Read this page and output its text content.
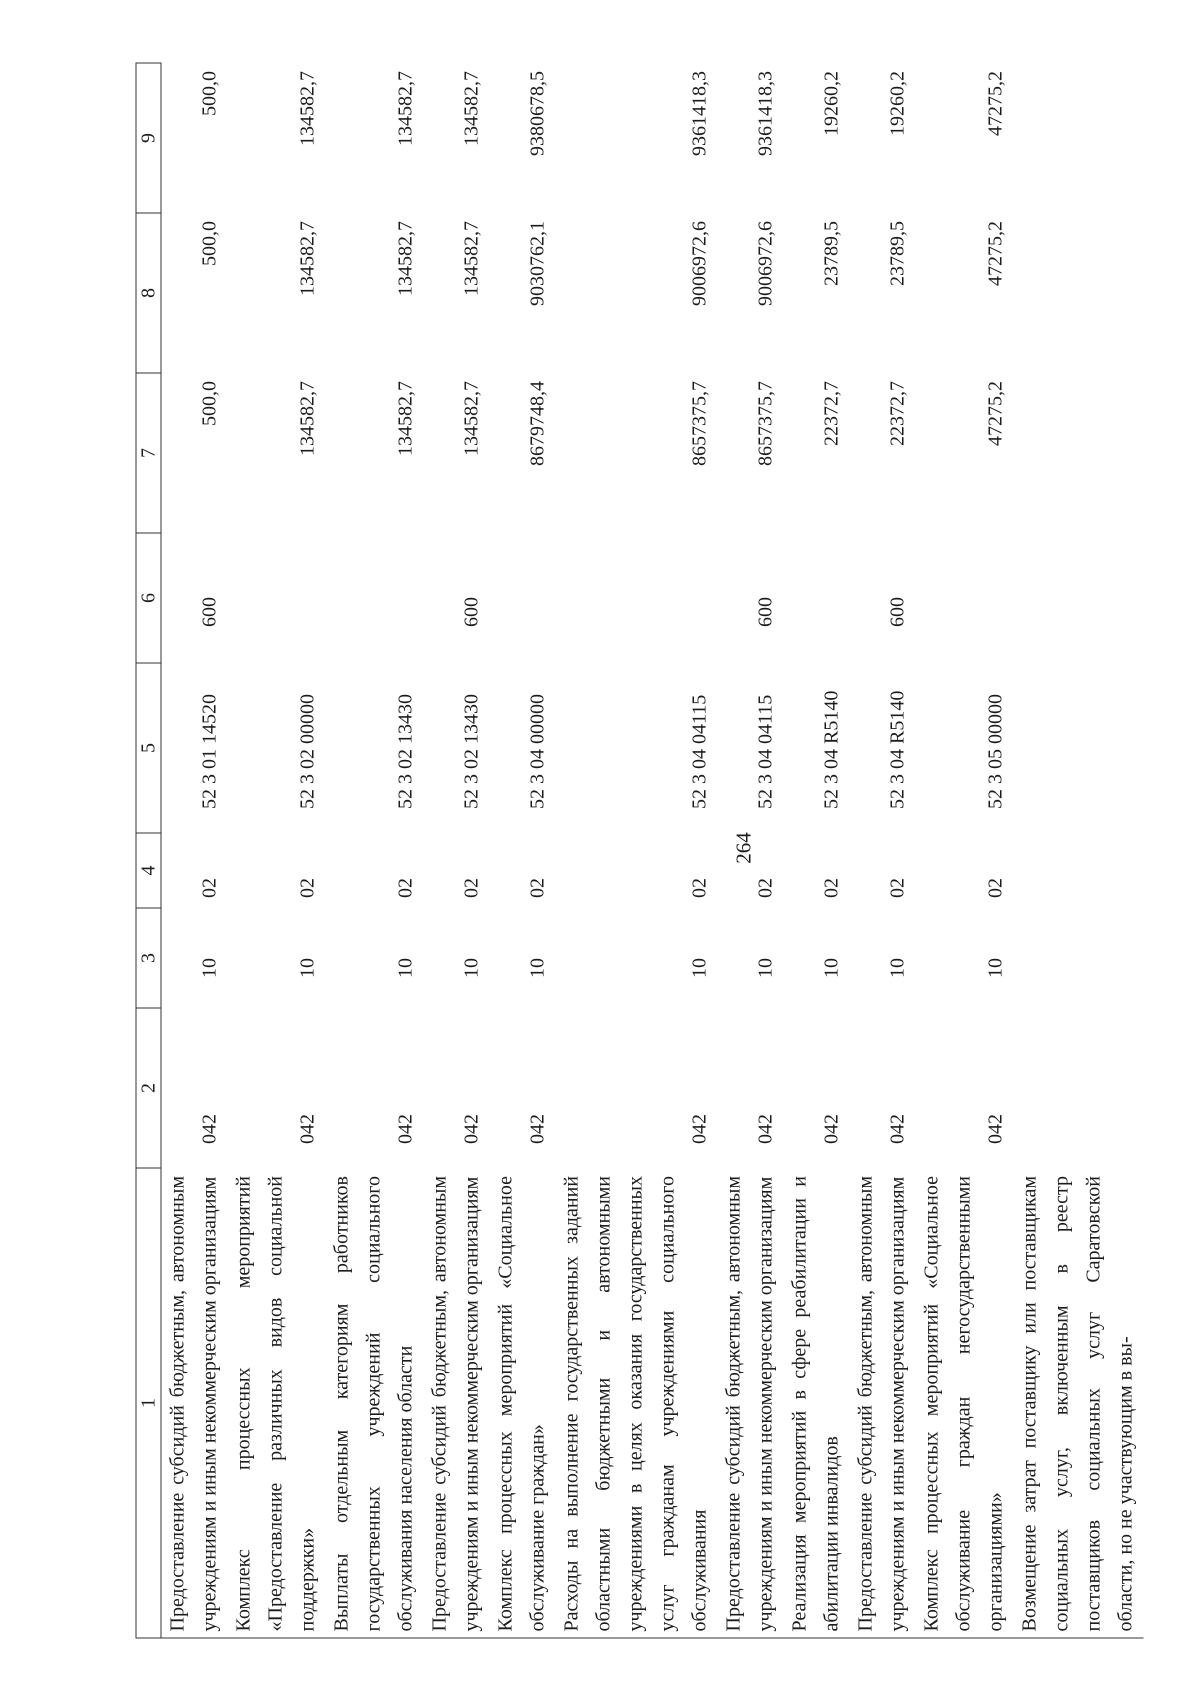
264
1	2	3	4	5	6	7	8	9
Предоставление субсидий бюджетным, автономным учреждениям и иным некоммерческим организациям	042	10	02	52 3 01 14520	600	500,0	500,0	500,0
Комплекс процессных мероприятий «Предоставление различных видов социальной поддержки»	042	10	02	52 3 02 00000		134582,7	134582,7	134582,7
Выплаты отдельным категориям работников государственных учреждений социального обслуживания населения области	042	10	02	52 3 02 13430		134582,7	134582,7	134582,7
Предоставление субсидий бюджетным, автономным учреждениям и иным некоммерческим организациям	042	10	02	52 3 02 13430	600	134582,7	134582,7	134582,7
Комплекс процессных мероприятий «Социальное обслуживание граждан»	042	10	02	52 3 04 00000		8679748,4	9030762,1	9380678,5
Расходы на выполнение государственных заданий областными бюджетными и автономными учреждениями в целях оказания государственных услуг гражданам учреждениями социального обслуживания	042	10	02	52 3 04 04115		8657375,7	9006972,6	9361418,3
Предоставление субсидий бюджетным, автономным учреждениям и иным некоммерческим организациям	042	10	02	52 3 04 04115	600	8657375,7	9006972,6	9361418,3
Реализация мероприятий в сфере реабилитации и абилитации инвалидов	042	10	02	52 3 04 R5140		22372,7	23789,5	19260,2
Предоставление субсидий бюджетным, автономным учреждениям и иным некоммерческим организациям	042	10	02	52 3 04 R5140	600	22372,7	23789,5	19260,2
Комплекс процессных мероприятий «Социальное обслуживание граждан негосударственными организациями»	042	10	02	52 3 05 00000		47275,2	47275,2	47275,2
Возмещение затрат поставщику или поставщикам социальных услуг, включенным в реестр поставщиков социальных услуг Саратовской области, но не участвующим в вы-								
